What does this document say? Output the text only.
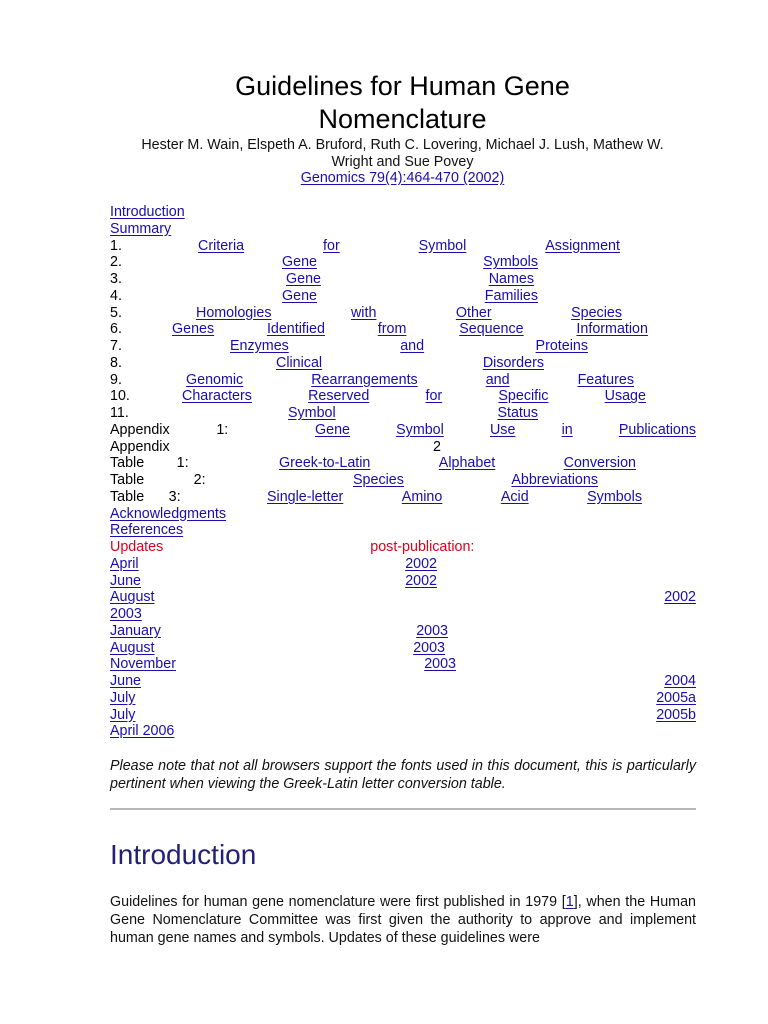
Guidelines for Human Gene
Nomenclature
Hester M. Wain, Elspeth A. Bruford, Ruth C. Lovering, Michael J. Lush, Mathew W.
Wright and Sue Povey
Genomics 79(4):464-470 (2002)
Introduction
Summary
1.	Criteria	for	Symbol	Assignment
2.	Gene	Symbols
3.	Gene	Names
4.	Gene	Families
5.	Homologies	with	Other	Species
6.	Genes	Identified	from	Sequence	Information
7.	Enzymes	and	Proteins
8.	Clinical	Disorders
9.	Genomic	Rearrangements	and	Features
10.	Characters	Reserved	for	Specific	Usage
11.	Symbol	Status
Appendix	1:	Gene	Symbol	Use	in	Publications
Appendix	2
Table 1:	Greek-to-Latin	Alphabet	Conversion
Table	2:	Species	Abbreviations
Table 3:	Single-letter	Amino	Acid	Symbols
Acknowledgments
References
Updates	post-publication:
April	2002
June	2002
August	2002
2003
January	2003
August	2003
November	2003
June	2004
July	2005a
July	2005b
April 2006
Please note that not all browsers support the fonts used in this document, this is particularly pertinent when viewing the Greek-Latin letter conversion table.
Introduction
Guidelines for human gene nomenclature were first published in 1979 [1], when the Human Gene Nomenclature Committee was first given the authority to approve and implement human gene names and symbols. Updates of these guidelines were
